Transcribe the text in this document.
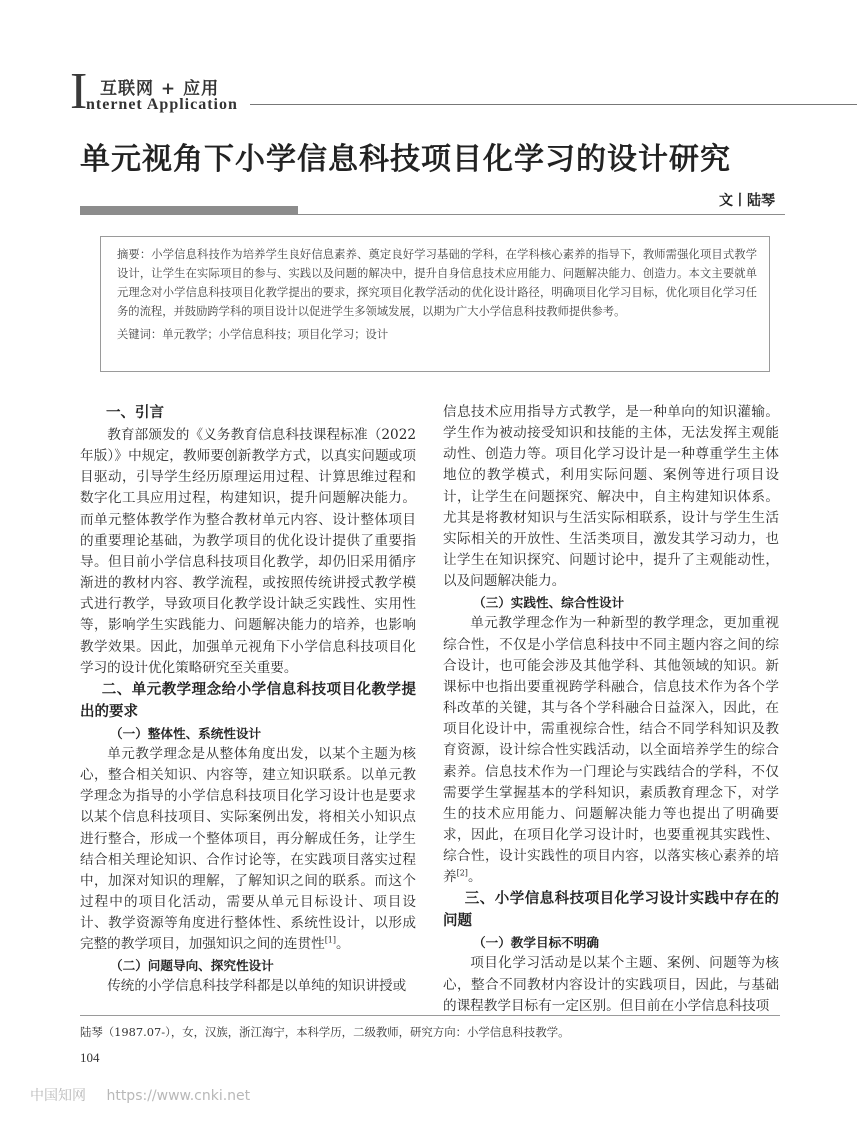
I 互联网 + 应用
nternet Application
单元视角下小学信息科技项目化学习的设计研究
文丨陆琴

摘要：小学信息科技作为培养学生良好信息素养、奠定良好学习基础的学科，在学科核心素养的指导下，教师需强化项目式教学设计，让学生在实际项目的参与、实践以及问题的解决中，提升自身信息技术应用能力、问题解决能力、创造力。本文主要就单元理念对小学信息科技项目化教学提出的要求，探究项目化教学活动的优化设计路径，明确项目化学习目标，优化项目化学习任务的流程，并鼓励跨学科的项目设计以促进学生多领域发展，以期为广大小学信息科技教师提供参考。

关键词：单元教学；小学信息科技；项目化学习；设计

一、引言

教育部颁发的《义务教育信息科技课程标准（2022年版）》中规定，教师要创新教学方式，以真实问题或项目驱动，引导学生经历原理运用过程、计算思维过程和数字化工具应用过程，构建知识，提升问题解决能力。而单元整体教学作为整合教材单元内容、设计整体项目的重要理论基础，为教学项目的优化设计提供了重要指导。但目前小学信息科技项目化教学，却仍旧采用循序渐进的教材内容、教学流程，或按照传统讲授式教学模式进行教学，导致项目化教学设计缺乏实践性、实用性等，影响学生实践能力、问题解决能力的培养，也影响教学效果。因此，加强单元视角下小学信息科技项目化学习的设计优化策略研究至关重要。

二、单元教学理念给小学信息科技项目化教学提出的要求

（一）整体性、系统性设计

单元教学理念是从整体角度出发，以某个主题为核心，整合相关知识、内容等，建立知识联系。以单元教学理念为指导的小学信息科技项目化学习设计也是要求以某个信息科技项目、实际案例出发，将相关小知识点进行整合，形成一个整体项目，再分解成任务，让学生结合相关理论知识、合作讨论等，在实践项目落实过程中，加深对知识的理解，了解知识之间的联系。而这个过程中的项目化活动，需要从单元目标设计、项目设计、教学资源等角度进行整体性、系统性设计，以形成完整的教学项目，加强知识之间的连贯性[1]。

（二）问题导向、探究性设计

传统的小学信息科技学科都是以单纯的知识讲授或

信息技术应用指导方式教学，是一种单向的知识灌输。学生作为被动接受知识和技能的主体，无法发挥主观能动性、创造力等。项目化学习设计是一种尊重学生主体地位的教学模式，利用实际问题、案例等进行项目设计，让学生在问题探究、解决中，自主构建知识体系。尤其是将教材知识与生活实际相联系，设计与学生生活实际相关的开放性、生活类项目，激发其学习动力，也让学生在知识探究、问题讨论中，提升了主观能动性，以及问题解决能力。

（三）实践性、综合性设计

单元教学理念作为一种新型的教学理念，更加重视综合性，不仅是小学信息科技中不同主题内容之间的综合设计，也可能会涉及其他学科、其他领域的知识。新课标中也指出要重视跨学科融合，信息技术作为各个学科改革的关键，其与各个学科融合日益深入，因此，在项目化设计中，需重视综合性，结合不同学科知识及教育资源，设计综合性实践活动，以全面培养学生的综合素养。信息技术作为一门理论与实践结合的学科，不仅需要学生掌握基本的学科知识，素质教育理念下，对学生的技术应用能力、问题解决能力等也提出了明确要求，因此，在项目化学习设计时，也要重视其实践性、综合性，设计实践性的项目内容，以落实核心素养的培养[2]。

三、小学信息科技项目化学习设计实践中存在的问题

（一）教学目标不明确

项目化学习活动是以某个主题、案例、问题等为核心，整合不同教材内容设计的实践项目，因此，与基础的课程教学目标有一定区别。但目前在小学信息科技项

陆琴（1987.07-），女，汉族，浙江海宁，本科学历，二级教师，研究方向：小学信息科技教学。
104
中国知网 https://www.cnki.net
